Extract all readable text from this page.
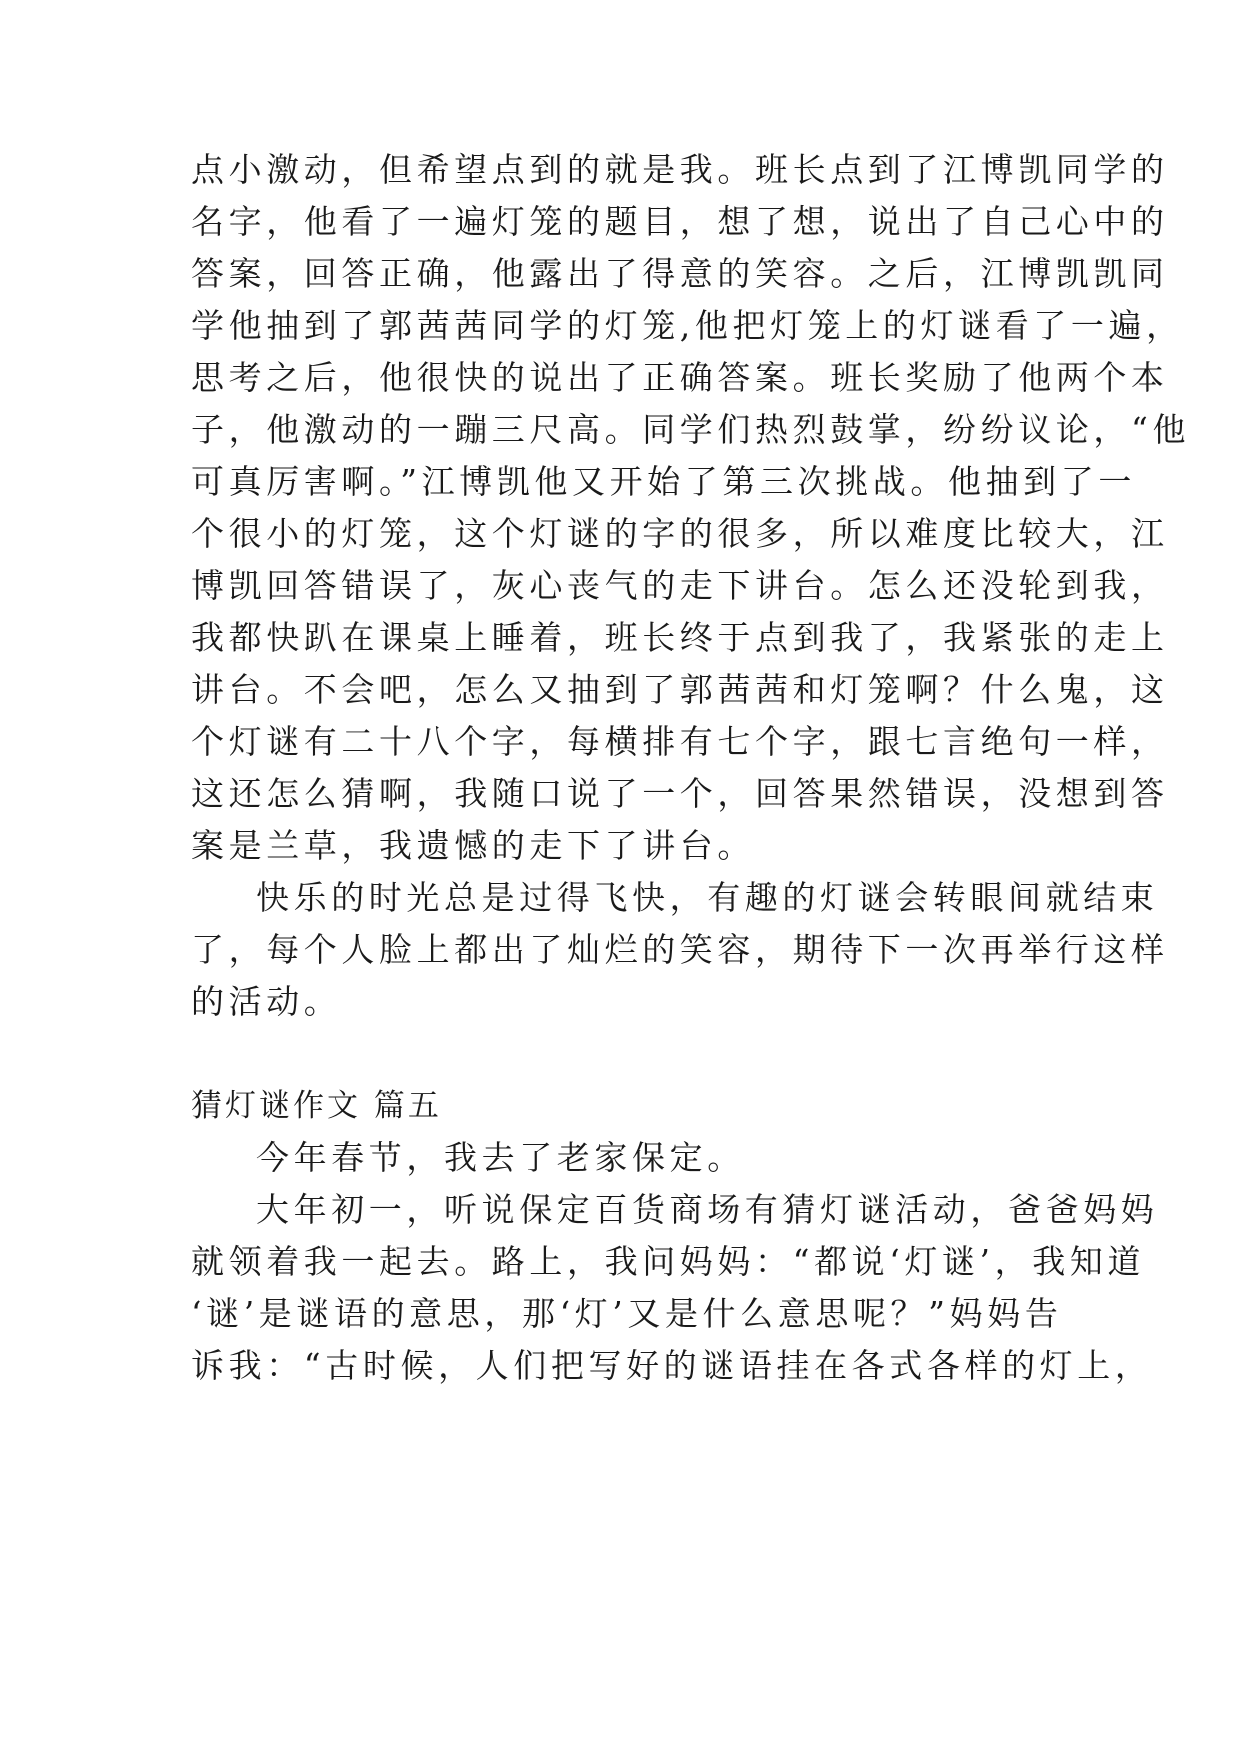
点小激动，但希望点到的就是我。班长点到了江博凯同学的
名字，他看了一遍灯笼的题目，想了想，说出了自己心中的
答案，回答正确，他露出了得意的笑容。之后，江博凯凯同
学他抽到了郭茜茜同学的灯笼,他把灯笼上的灯谜看了一遍，
思考之后，他很快的说出了正确答案。班长奖励了他两个本
子，他激动的一蹦三尺高。同学们热烈鼓掌，纷纷议论，“他
可真厉害啊。”江博凯他又开始了第三次挑战。他抽到了一
个很小的灯笼，这个灯谜的字的很多，所以难度比较大，江
博凯回答错误了，灰心丧气的走下讲台。怎么还没轮到我，
我都快趴在课桌上睡着，班长终于点到我了，我紧张的走上
讲台。不会吧，怎么又抽到了郭茜茜和灯笼啊？什么鬼，这
个灯谜有二十八个字，每横排有七个字，跟七言绝句一样，
这还怎么猜啊，我随口说了一个，回答果然错误，没想到答
案是兰草，我遗憾的走下了讲台。
快乐的时光总是过得飞快，有趣的灯谜会转眼间就结束
了，每个人脸上都出了灿烂的笑容，期待下一次再举行这样
的活动。
猜灯谜作文 篇五
今年春节，我去了老家保定。
大年初一，听说保定百货商场有猜灯谜活动，爸爸妈妈
就领着我一起去。路上，我问妈妈：“都说‘灯谜’，我知道
‘谜’是谜语的意思，那‘灯’又是什么意思呢？”妈妈告
诉我：“古时候，人们把写好的谜语挂在各式各样的灯上，
